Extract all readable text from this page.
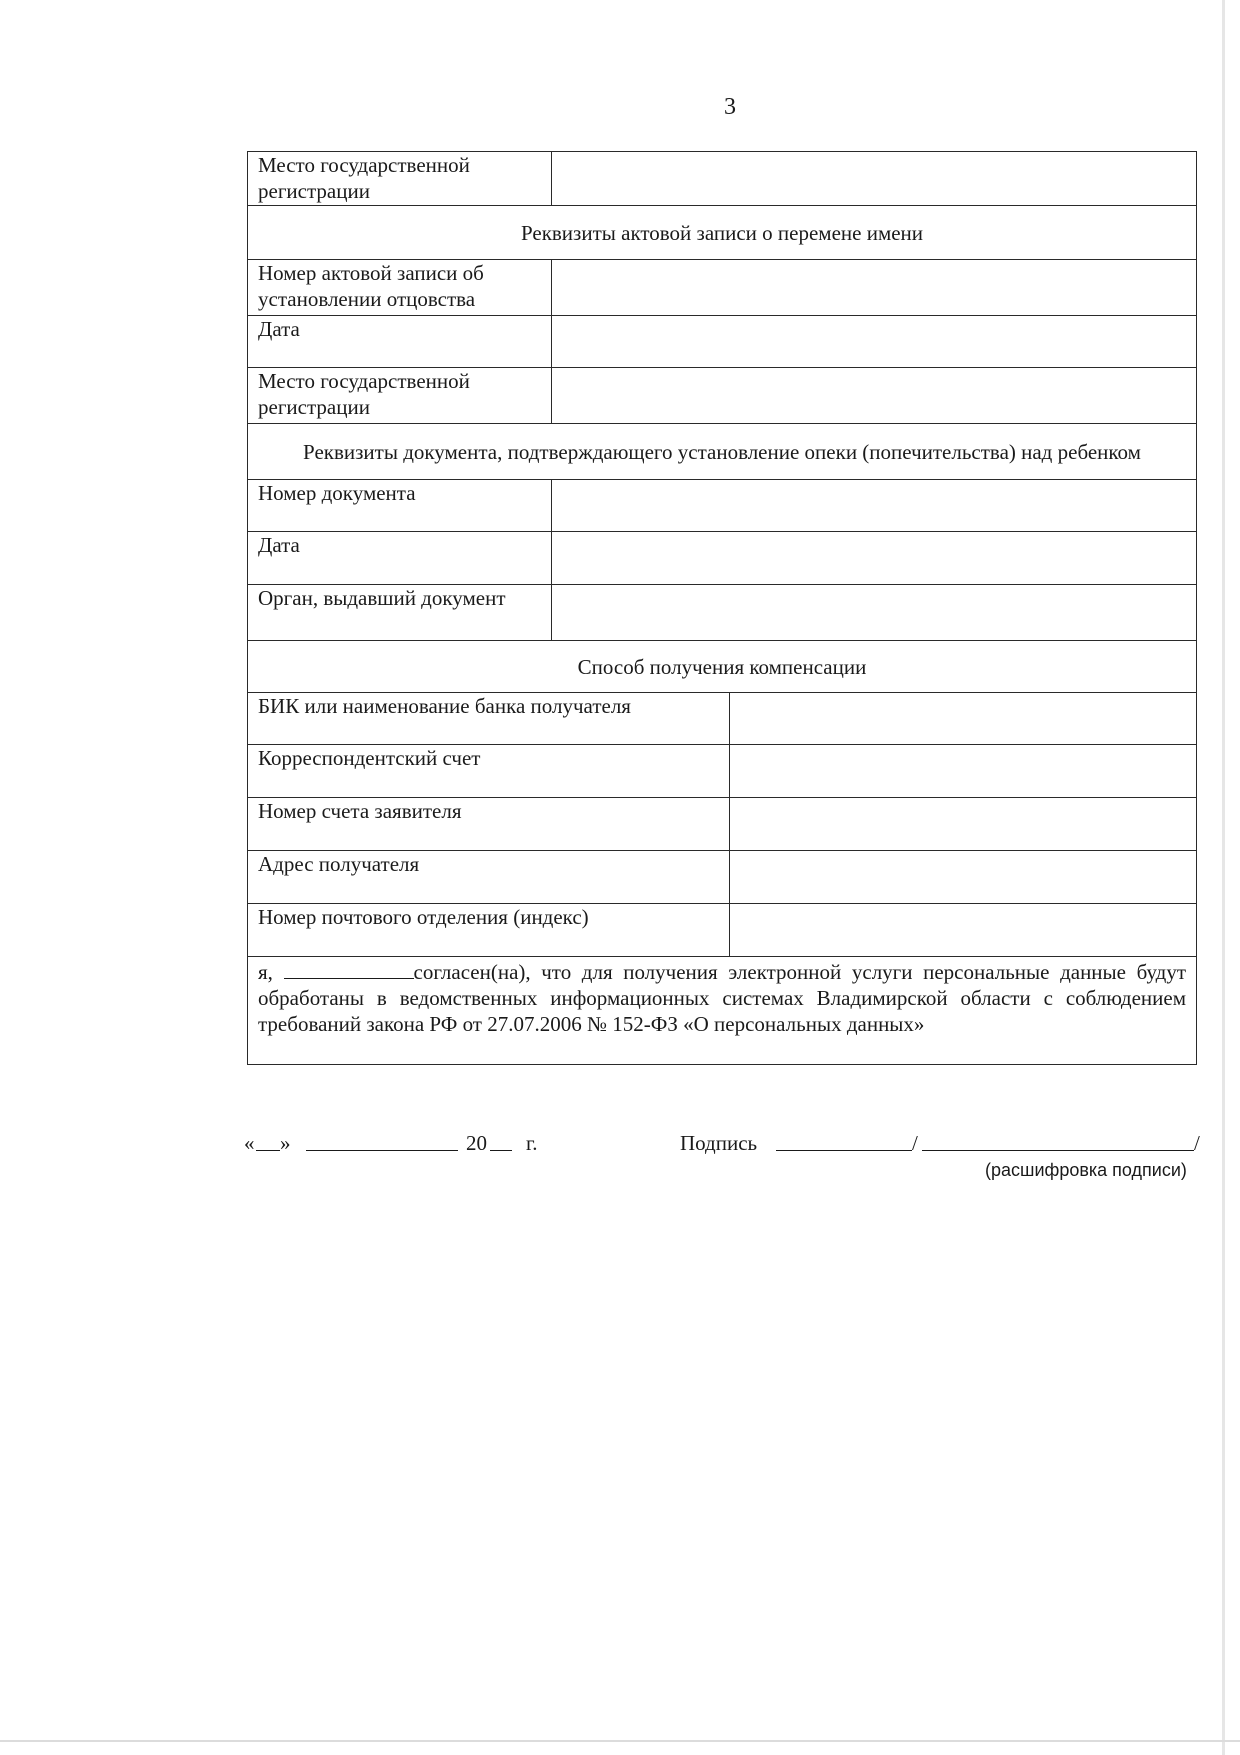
3
Место государственной регистрации		
Реквизиты актовой записи о перемене имени		
Номер актовой записи об установлении отцовства		
Дата		
Место государственной регистрации		
Реквизиты документа, подтверждающего установление опеки (попечительства) над ребенком		
Номер документа		
Дата		
Орган, выдавший документ		
Способ получения компенсации		
БИК или наименование банка получателя		
Корреспондентский счет		
Номер счета заявителя		
Адрес получателя		
Номер почтового отделения (индекс)		
я, согласен(на), что для получения электронной услуги персональные данные будут обработаны в ведомственных информационных системах Владимирской области с соблюдением требований закона РФ от 27.07.2006 № 152-ФЗ «О персональных данных»		
« »	20 г.	Подпись	/	/
(расшифровка подписи)
